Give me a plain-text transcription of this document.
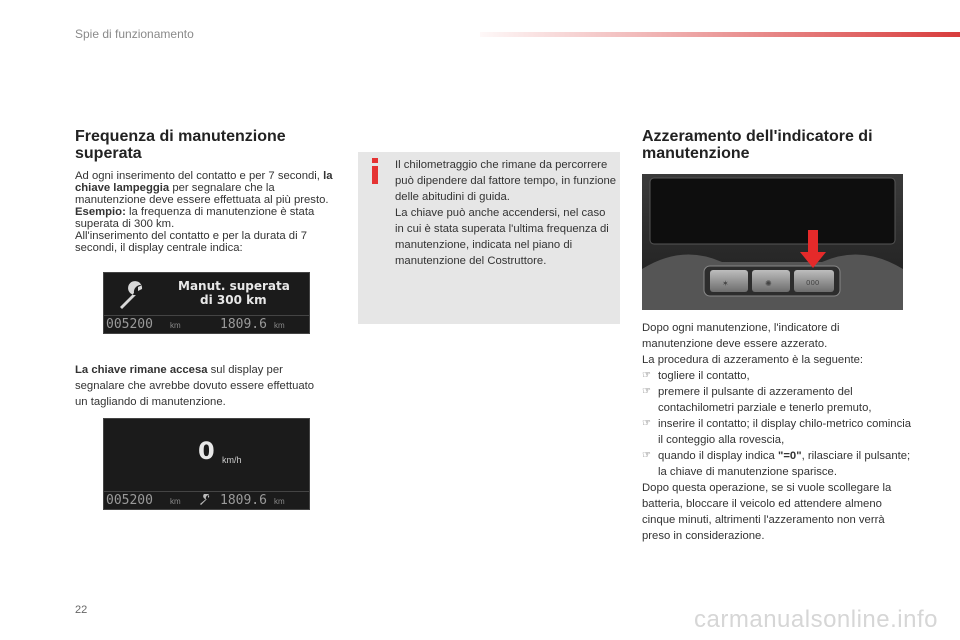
Spie di funzionamento
Frequenza di manutenzione superata

Ad ogni inserimento del contatto e per 7 secondi, la chiave lampeggia per segnalare che la manutenzione deve essere effettuata al più presto.
Esempio: la frequenza di manutenzione è stata superata di 300 km.
All'inserimento del contatto e per la durata di 7 secondi, il display centrale indica:

La chiave rimane accesa sul display per segnalare che avrebbe dovuto essere effettuato un tagliando di manutenzione.

Manut. superata
di 300 km
005200 km	1809.6 km
0 km/h
005200 km	1809.6 km
Il chilometraggio che rimane da percorrere può dipendere dal fattore tempo, in funzione delle abitudini di guida.
La chiave può anche accendersi, nel caso in cui è stata superata l'ultima frequenza di manutenzione, indicata nel piano di manutenzione del Costruttore.
Azzeramento dell'indicatore di manutenzione
✶	✺	000

Dopo ogni manutenzione, l'indicatore di manutenzione deve essere azzerato.

La procedura di azzeramento è la seguente:

☞ togliere il contatto,
☞ premere il pulsante di azzeramento del contachilometri parziale e tenerlo premuto,
☞ inserire il contatto; il display chilo-metrico comincia il conteggio alla rovescia,
☞ quando il display indica "=0", rilasciare il pulsante; la chiave di manutenzione sparisce.

Dopo questa operazione, se si vuole scollegare la batteria, bloccare il veicolo ed attendere almeno cinque minuti, altrimenti l'azzeramento non verrà preso in considerazione.

22	carmanualsonline.info
